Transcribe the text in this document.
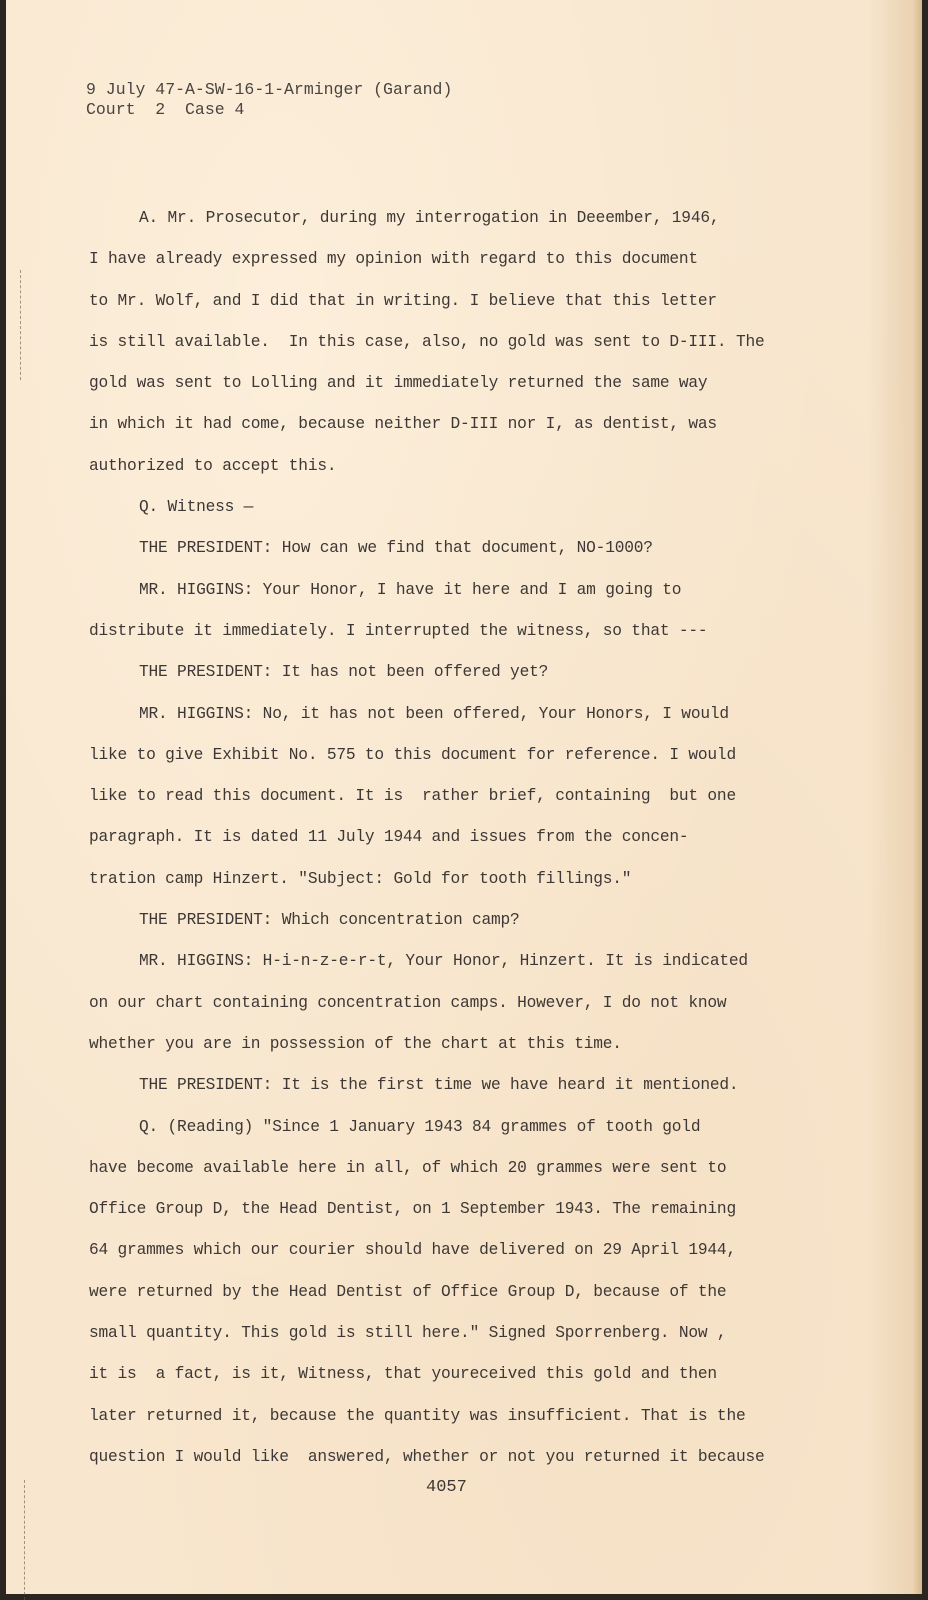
9 July 47-A-SW-16-1-Arminger (Garand)
Court  2  Case 4
A. Mr. Prosecutor, during my interrogation in Deeember, 1946,
I have already expressed my opinion with regard to this document
to Mr. Wolf, and I did that in writing. I believe that this letter
is still available.  In this case, also, no gold was sent to D-III. The
gold was sent to Lolling and it immediately returned the same way
in which it had come, because neither D-III nor I, as dentist, was
authorized to accept this.
Q. Witness —
THE PRESIDENT: How can we find that document, NO-1000?
MR. HIGGINS: Your Honor, I have it here and I am going to
distribute it immediately. I interrupted the witness, so that ---
THE PRESIDENT: It has not been offered yet?
MR. HIGGINS: No, it has not been offered, Your Honors, I would
like to give Exhibit No. 575 to this document for reference. I would
like to read this document. It is  rather brief, containing  but one
paragraph. It is dated 11 July 1944 and issues from the concen-
tration camp Hinzert. "Subject: Gold for tooth fillings."
THE PRESIDENT: Which concentration camp?
MR. HIGGINS: H-i-n-z-e-r-t, Your Honor, Hinzert. It is indicated
on our chart containing concentration camps. However, I do not know
whether you are in possession of the chart at this time.
THE PRESIDENT: It is the first time we have heard it mentioned.
Q. (Reading) "Since 1 January 1943 84 grammes of tooth gold
have become available here in all, of which 20 grammes were sent to
Office Group D, the Head Dentist, on 1 September 1943. The remaining
64 grammes which our courier should have delivered on 29 April 1944,
were returned by the Head Dentist of Office Group D, because of the
small quantity. This gold is still here." Signed Sporrenberg. Now ,
it is  a fact, is it, Witness, that youreceived this gold and then
later returned it, because the quantity was insufficient. That is the
question I would like  answered, whether or not you returned it because
4057
